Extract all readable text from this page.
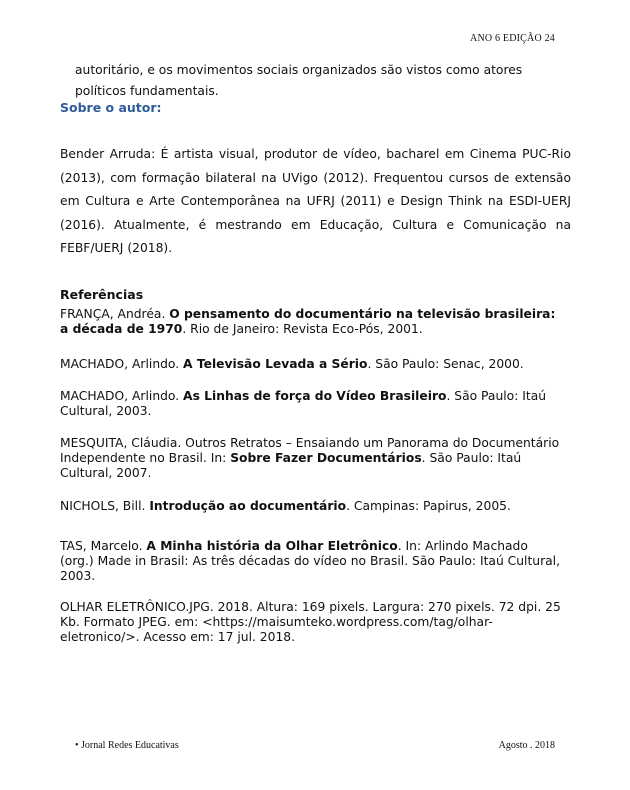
ANO 6 EDIÇÃO 24
autoritário, e os movimentos sociais organizados são vistos como atores
políticos fundamentais.
Sobre o autor:
Bender Arruda: É artista visual, produtor de vídeo, bacharel em Cinema PUC-Rio (2013), com formação bilateral na UVigo (2012). Frequentou cursos de extensão em Cultura e Arte Contemporânea na UFRJ (2011) e Design Think na ESDI-UERJ (2016). Atualmente, é mestrando em Educação, Cultura e Comunicação na FEBF/UERJ (2018).
Referências
FRANÇA, Andréa. O pensamento do documentário na televisão brasileira: a década de 1970. Rio de Janeiro: Revista Eco-Pós, 2001.
MACHADO, Arlindo. A Televisão Levada a Sério. São Paulo: Senac, 2000.
MACHADO, Arlindo. As Linhas de força do Vídeo Brasileiro. São Paulo: Itaú Cultural, 2003.
MESQUITA, Cláudia. Outros Retratos – Ensaiando um Panorama do Documentário Independente no Brasil. In: Sobre Fazer Documentários. São Paulo: Itaú Cultural, 2007.
NICHOLS, Bill. Introdução ao documentário. Campinas: Papirus, 2005.
TAS, Marcelo. A Minha história da Olhar Eletrônico. In: Arlindo Machado (org.) Made in Brasil: As três décadas do vídeo no Brasil. São Paulo: Itaú Cultural, 2003.
OLHAR ELETRÔNICO.JPG. 2018. Altura: 169 pixels. Largura: 270 pixels. 72 dpi. 25 Kb. Formato JPEG. em: <https://maisumteko.wordpress.com/tag/olhar-eletronico/>. Acesso em: 17 jul. 2018.
• Jornal Redes Educativas	Agosto . 2018
